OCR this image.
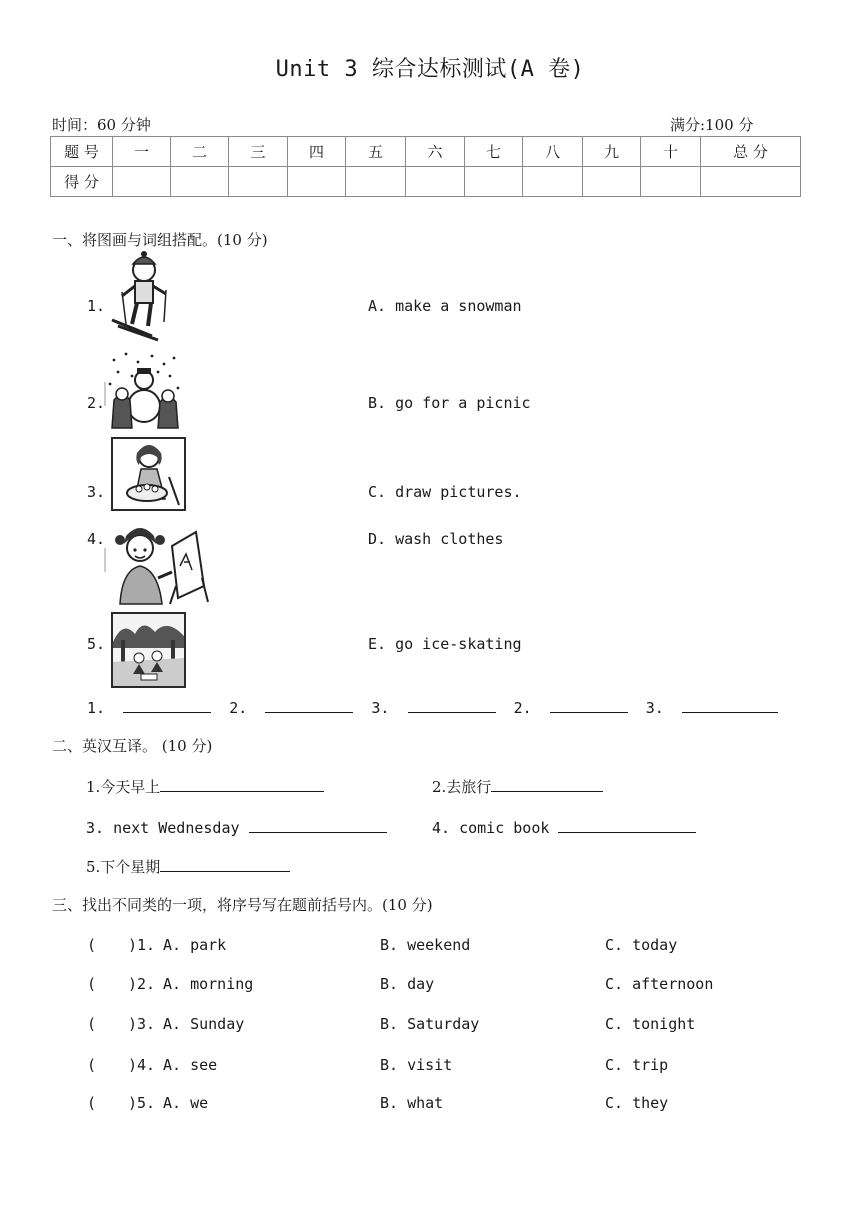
Unit 3 综合达标测试(A 卷)
时间：60 分钟	满分:100 分
题 号	一	二	三	四	五	六	七	八	九	十	总 分
得 分											
一、将图画与词组搭配。(10 分)
1.
2.
3.
4.
5.
A. make a snowman
B. go for a picnic
C. draw pictures.
D. wash clothes
E. go ice-skating
1.	2.	3.	2.	3.
二、英汉互译。 (10 分)
1.今天早上	2.去旅行
3. next Wednesday	4. comic book
5.下个星期
三、找出不同类的一项，将序号写在题前括号内。(10 分)
( )1. A. park	B. weekend	C. today
( )2. A. morning	B. day	C. afternoon
( )3. A. Sunday	B. Saturday	C. tonight
( )4. A. see	B. visit	C. trip
( )5. A. we	B. what	C. they
